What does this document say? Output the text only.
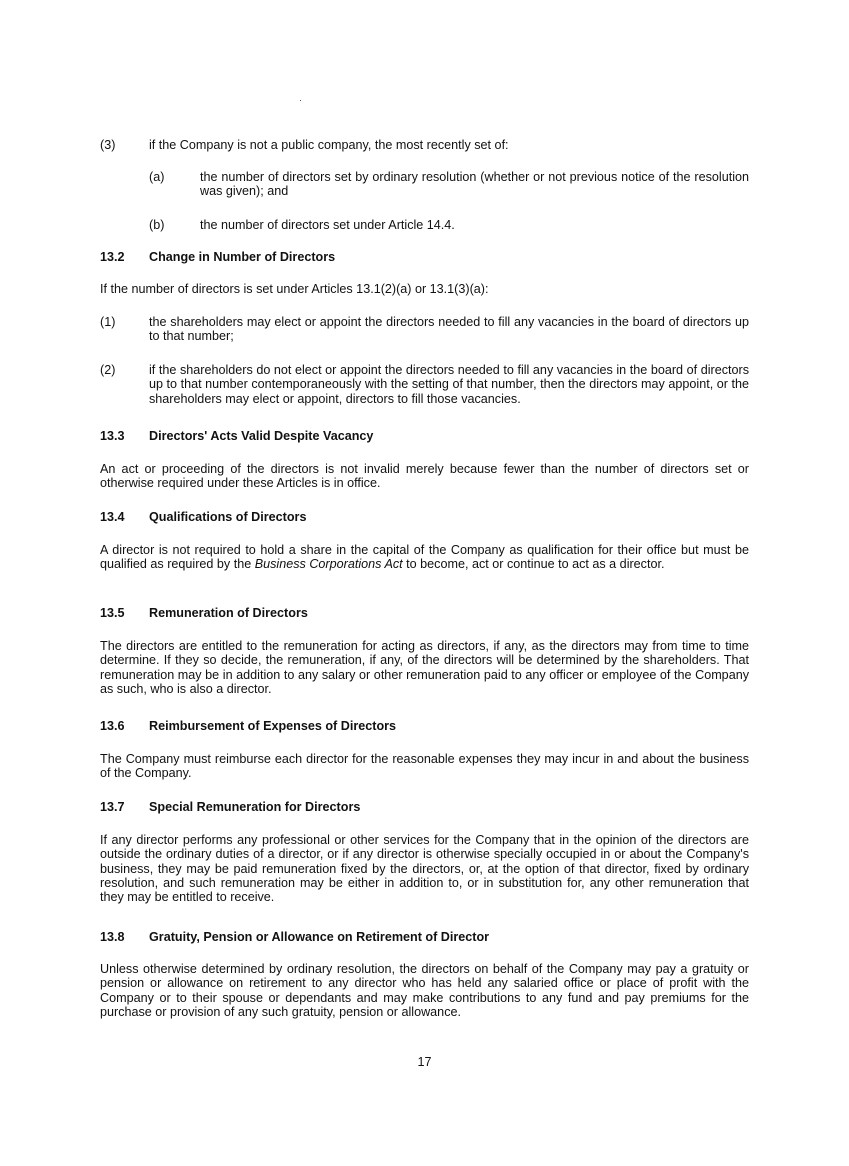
(3)	if the Company is not a public company, the most recently set of:
(a)	the number of directors set by ordinary resolution (whether or not previous notice of the resolution was given); and
(b)	the number of directors set under Article 14.4.
13.2 Change in Number of Directors
If the number of directors is set under Articles 13.1(2)(a) or 13.1(3)(a):
(1)	the shareholders may elect or appoint the directors needed to fill any vacancies in the board of directors up to that number;
(2)	if the shareholders do not elect or appoint the directors needed to fill any vacancies in the board of directors up to that number contemporaneously with the setting of that number, then the directors may appoint, or the shareholders may elect or appoint, directors to fill those vacancies.
13.3 Directors' Acts Valid Despite Vacancy
An act or proceeding of the directors is not invalid merely because fewer than the number of directors set or otherwise required under these Articles is in office.
13.4 Qualifications of Directors
A director is not required to hold a share in the capital of the Company as qualification for their office but must be qualified as required by the Business Corporations Act to become, act or continue to act as a director.
13.5 Remuneration of Directors
The directors are entitled to the remuneration for acting as directors, if any, as the directors may from time to time determine. If they so decide, the remuneration, if any, of the directors will be determined by the shareholders. That remuneration may be in addition to any salary or other remuneration paid to any officer or employee of the Company as such, who is also a director.
13.6 Reimbursement of Expenses of Directors
The Company must reimburse each director for the reasonable expenses they may incur in and about the business of the Company.
13.7 Special Remuneration for Directors
If any director performs any professional or other services for the Company that in the opinion of the directors are outside the ordinary duties of a director, or if any director is otherwise specially occupied in or about the Company's business, they may be paid remuneration fixed by the directors, or, at the option of that director, fixed by ordinary resolution, and such remuneration may be either in addition to, or in substitution for, any other remuneration that they may be entitled to receive.
13.8 Gratuity, Pension or Allowance on Retirement of Director
Unless otherwise determined by ordinary resolution, the directors on behalf of the Company may pay a gratuity or pension or allowance on retirement to any director who has held any salaried office or place of profit with the Company or to their spouse or dependants and may make contributions to any fund and pay premiums for the purchase or provision of any such gratuity, pension or allowance.
17
